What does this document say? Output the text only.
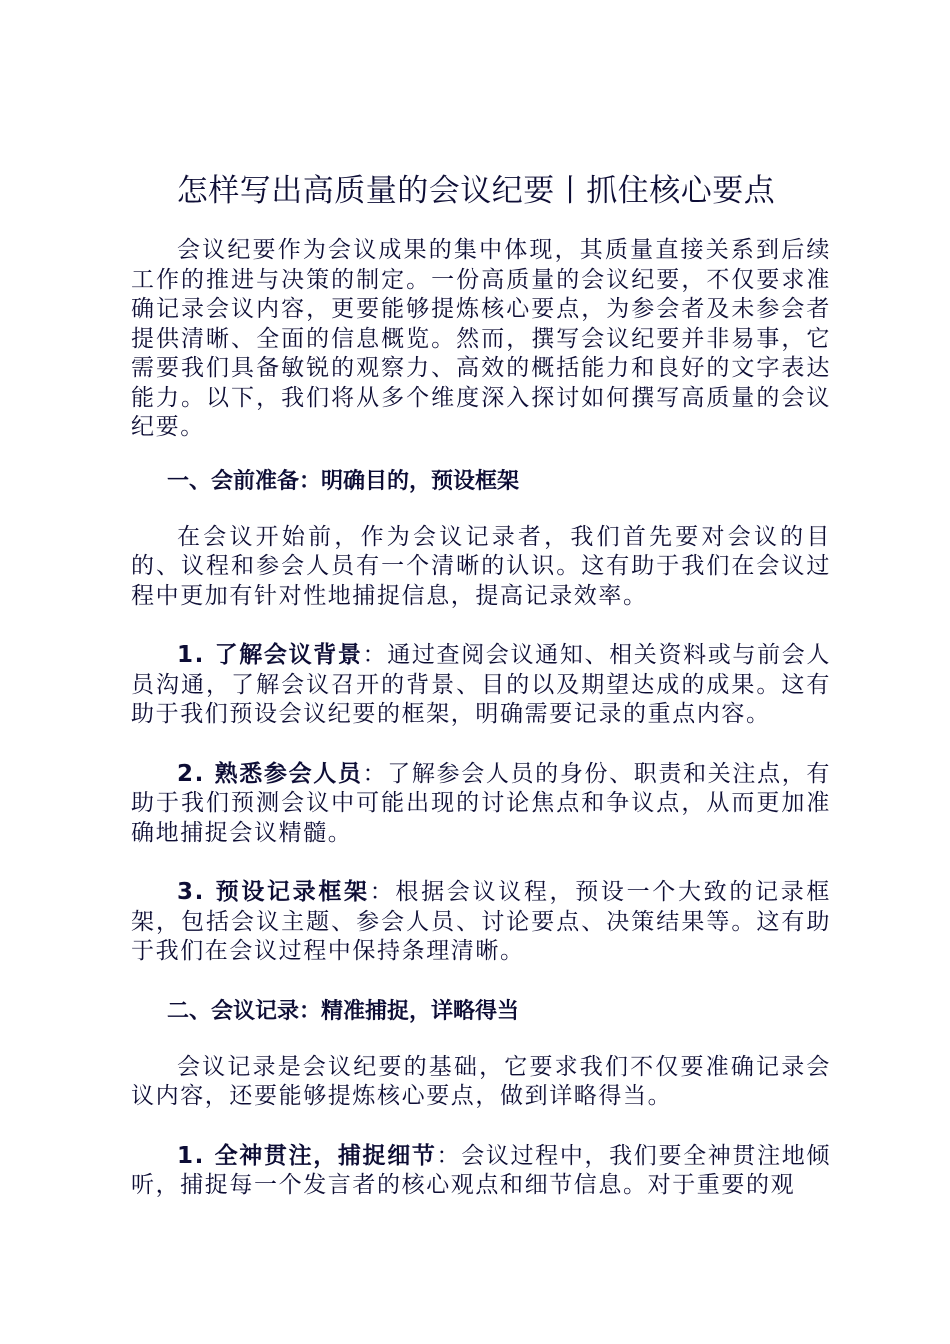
怎样写出高质量的会议纪要丨抓住核心要点

会议纪要作为会议成果的集中体现，其质量直接关系到后续工作的推进与决策的制定。一份高质量的会议纪要，不仅要求准确记录会议内容，更要能够提炼核心要点，为参会者及未参会者提供清晰、全面的信息概览。然而，撰写会议纪要并非易事，它需要我们具备敏锐的观察力、高效的概括能力和良好的文字表达能力。以下，我们将从多个维度深入探讨如何撰写高质量的会议纪要。

一、会前准备：明确目的，预设框架

在会议开始前，作为会议记录者，我们首先要对会议的目的、议程和参会人员有一个清晰的认识。这有助于我们在会议过程中更加有针对性地捕捉信息，提高记录效率。

1. 了解会议背景：通过查阅会议通知、相关资料或与前会人员沟通，了解会议召开的背景、目的以及期望达成的成果。这有助于我们预设会议纪要的框架，明确需要记录的重点内容。

2. 熟悉参会人员：了解参会人员的身份、职责和关注点，有助于我们预测会议中可能出现的讨论焦点和争议点，从而更加准确地捕捉会议精髓。

3. 预设记录框架：根据会议议程，预设一个大致的记录框架，包括会议主题、参会人员、讨论要点、决策结果等。这有助于我们在会议过程中保持条理清晰。

二、会议记录：精准捕捉，详略得当

会议记录是会议纪要的基础，它要求我们不仅要准确记录会议内容，还要能够提炼核心要点，做到详略得当。

1. 全神贯注，捕捉细节：会议过程中，我们要全神贯注地倾听，捕捉每一个发言者的核心观点和细节信息。对于重要的观
